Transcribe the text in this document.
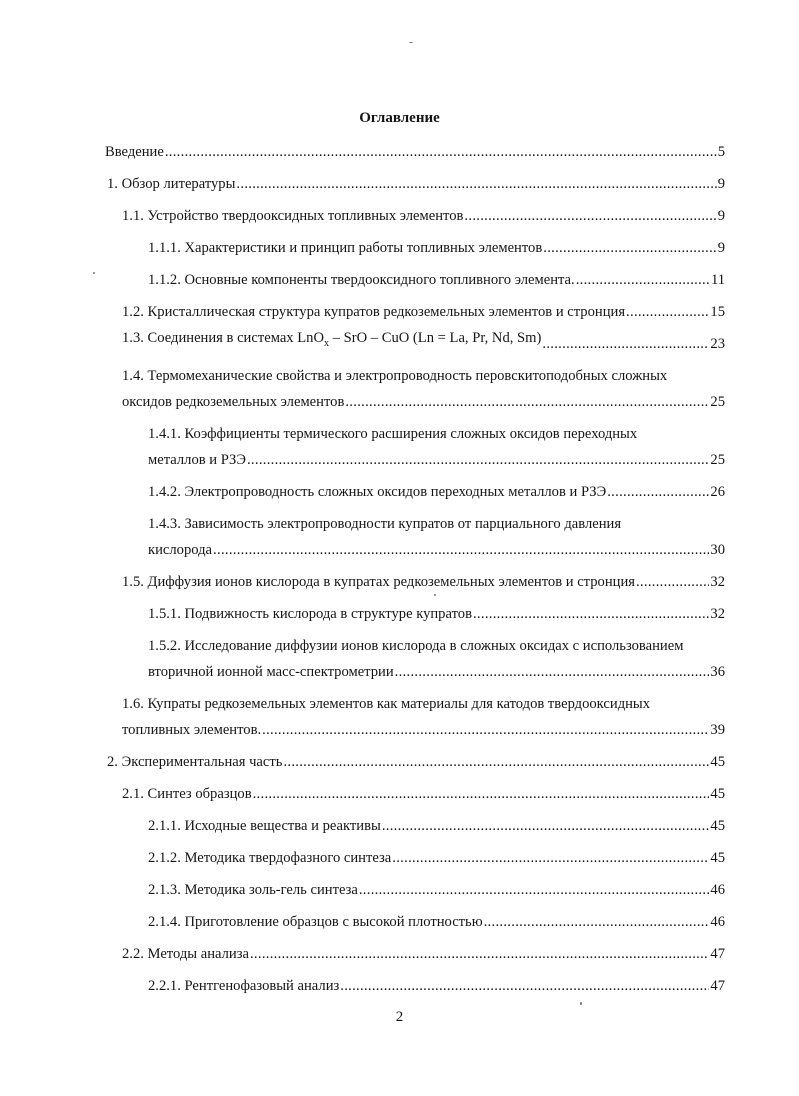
Оглавление
Введение .....	5
1. Обзор литературы .....	9
1.1. Устройство твердооксидных топливных элементов .....	9
1.1.1. Характеристики и принцип работы топливных элементов .....	9
1.1.2. Основные компоненты твердооксидного топливного элемента. .....	11
1.2. Кристаллическая структура купратов редкоземельных элементов и стронция .....	15
1.3. Соединения в системах LnO$_x$ – SrO – CuO (Ln = La, Pr, Nd, Sm) .....	23
1.4. Термомеханические свойства и электропроводность перовскитоподобных сложных
оксидов редкоземельных элементов .....	25
1.4.1. Коэффициенты термического расширения сложных оксидов переходных
металлов и РЗЭ .....	25
1.4.2. Электропроводность сложных оксидов переходных металлов и РЗЭ .....	26
1.4.3. Зависимость электропроводности купратов от парциального давления
кислорода .....	30
1.5. Диффузия ионов кислорода в купратах редкоземельных элементов и стронция .....	32
1.5.1. Подвижность кислорода в структуре купратов .....	32
1.5.2. Исследование диффузии ионов кислорода в сложных оксидах с использованием
вторичной ионной масс-спектрометрии .....	36
1.6. Купраты редкоземельных элементов как материалы для катодов твердооксидных
топливных элементов. .....	39
2. Экспериментальная часть .....	45
2.1. Синтез образцов .....	45
2.1.1. Исходные вещества и реактивы .....	45
2.1.2. Методика твердофазного синтеза .....	45
2.1.3. Методика золь-гель синтеза .....	46
2.1.4. Приготовление образцов с высокой плотностью .....	46
2.2. Методы анализа .....	47
2.2.1. Рентгенофазовый анализ .....	47
2
